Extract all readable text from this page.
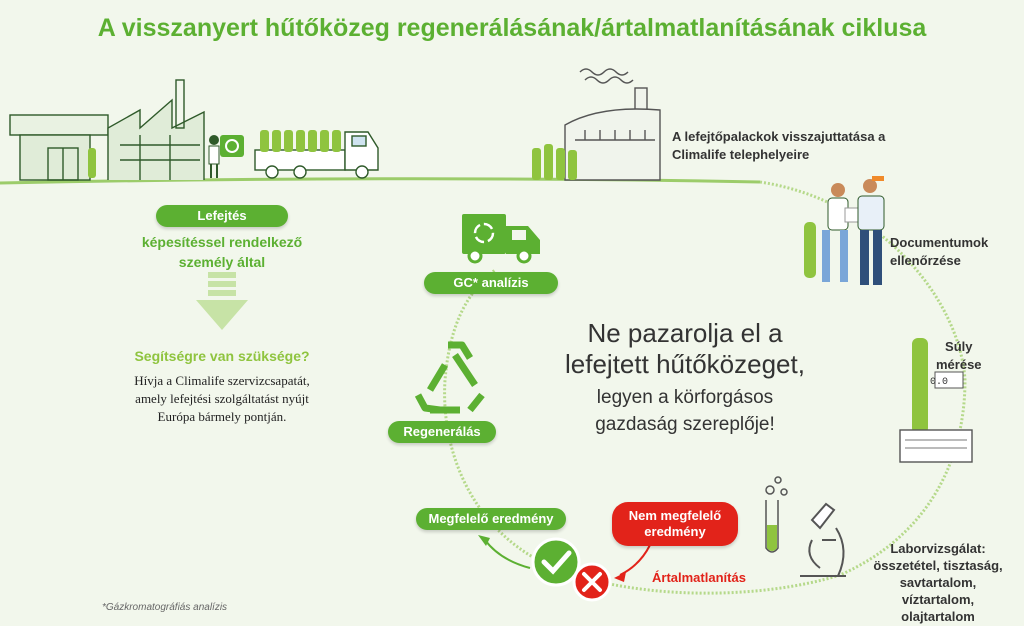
A visszanyert hűtőközeg regenerálásának/ártalmatlanításának ciklusa
0.0
A lefejtőpalackok visszajuttatása a
Climalife telephelyeire
Documentumok
ellenőrzése
Súly
mérése
Laborvizsgálat:
összetétel, tisztaság,
savtartalom,
víztartalom,
olajtartalom
Lefejtés
képesítéssel rendelkező
személy által
Segítségre van szüksége?
Hívja a Climalife szervizcsapatát,
amely lefejtési szolgáltatást nyújt
Európa bármely pontján.
GC* analízis
Regenerálás
Megfelelő eredmény	Nem megfelelő
eredmény
Ártalmatlanítás
Ne pazarolja el a
lefejtett hűtőközeget,
legyen a körforgásos
gazdaság szereplője!
*Gázkromatográfiás analízis
